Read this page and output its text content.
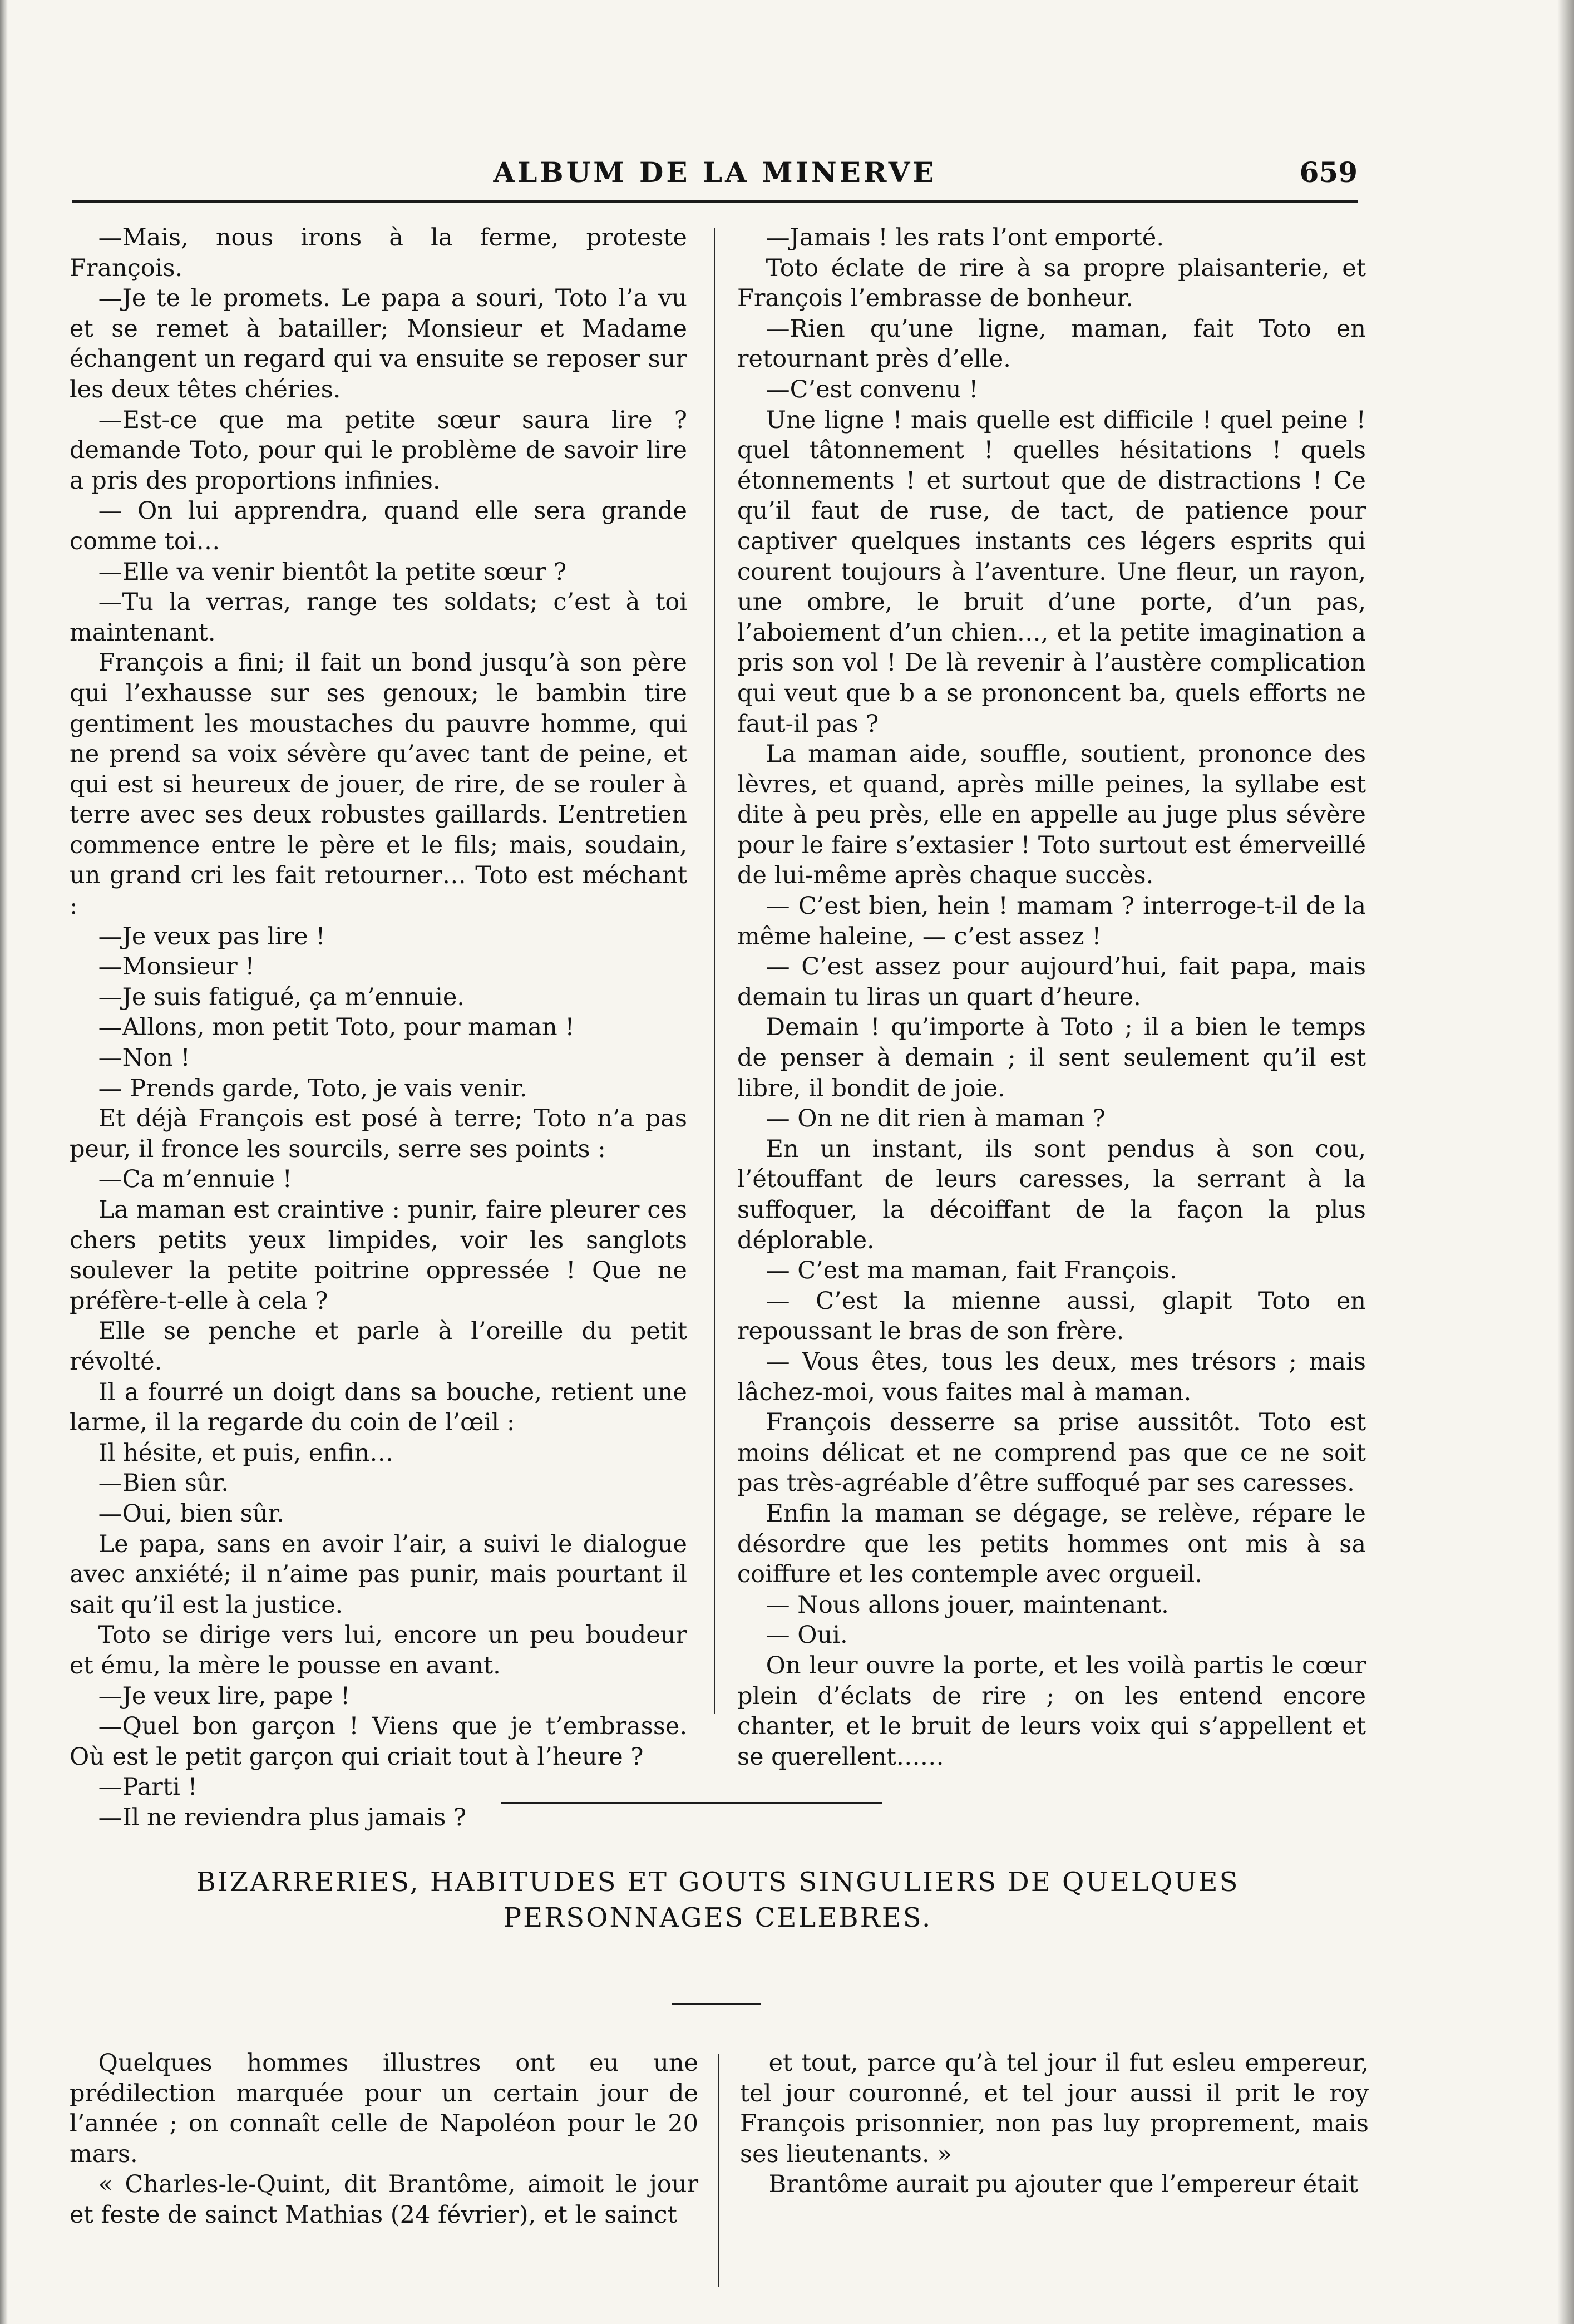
ALBUM DE LA MINERVE	659

—Mais, nous irons à la ferme, proteste François.

—Je te le promets. Le papa a souri, Toto l’a vu et se remet à batailler; Monsieur et Madame échangent un regard qui va ensuite se reposer sur les deux têtes chéries.

—Est-ce que ma petite sœur saura lire ? demande Toto, pour qui le problème de savoir lire a pris des proportions infinies.

— On lui apprendra, quand elle sera grande comme toi…

—Elle va venir bientôt la petite sœur ?

—Tu la verras, range tes soldats; c’est à toi maintenant.

François a fini; il fait un bond jusqu’à son père qui l’exhausse sur ses genoux; le bambin tire gentiment les moustaches du pauvre homme, qui ne prend sa voix sévère qu’avec tant de peine, et qui est si heureux de jouer, de rire, de se rouler à terre avec ses deux robustes gaillards. L’entretien commence entre le père et le fils; mais, soudain, un grand cri les fait retourner… Toto est méchant :

—Je veux pas lire !

—Monsieur !

—Je suis fatigué, ça m’ennuie.

—Allons, mon petit Toto, pour maman !

—Non !

— Prends garde, Toto, je vais venir.

Et déjà François est posé à terre; Toto n’a pas peur, il fronce les sourcils, serre ses points :

—Ca m’ennuie !

La maman est craintive : punir, faire pleurer ces chers petits yeux limpides, voir les sanglots soulever la petite poitrine oppressée ! Que ne préfère-t-elle à cela ?

Elle se penche et parle à l’oreille du petit révolté.

Il a fourré un doigt dans sa bouche, retient une larme, il la regarde du coin de l’œil :

Il hésite, et puis, enfin…

—Bien sûr.

—Oui, bien sûr.

Le papa, sans en avoir l’air, a suivi le dialogue avec anxiété; il n’aime pas punir, mais pourtant il sait qu’il est la justice.

Toto se dirige vers lui, encore un peu boudeur et ému, la mère le pousse en avant.

—Je veux lire, pape !

—Quel bon garçon ! Viens que je t’embrasse. Où est le petit garçon qui criait tout à l’heure ?

—Parti !

—Il ne reviendra plus jamais ?

—Jamais ! les rats l’ont emporté.

Toto éclate de rire à sa propre plaisanterie, et François l’embrasse de bonheur.

—Rien qu’une ligne, maman, fait Toto en retournant près d’elle.

—C’est convenu !

Une ligne ! mais quelle est difficile ! quel peine ! quel tâtonnement ! quelles hésitations ! quels étonnements ! et surtout que de distractions ! Ce qu’il faut de ruse, de tact, de patience pour captiver quelques instants ces légers esprits qui courent toujours à l’aventure. Une fleur, un rayon, une ombre, le bruit d’une porte, d’un pas, l’aboiement d’un chien…, et la petite imagination a pris son vol ! De là revenir à l’austère complication qui veut que b a se prononcent ba, quels efforts ne faut-il pas ?

La maman aide, souffle, soutient, prononce des lèvres, et quand, après mille peines, la syllabe est dite à peu près, elle en appelle au juge plus sévère pour le faire s’extasier ! Toto surtout est émerveillé de lui-même après chaque succès.

— C’est bien, hein ! mamam ? interroge-t-il de la même haleine, — c’est assez !

— C’est assez pour aujourd’hui, fait papa, mais demain tu liras un quart d’heure.

Demain ! qu’importe à Toto ; il a bien le temps de penser à demain ; il sent seulement qu’il est libre, il bondit de joie.

— On ne dit rien à maman ?

En un instant, ils sont pendus à son cou, l’étouffant de leurs caresses, la serrant à la suffoquer, la décoiffant de la façon la plus déplorable.

— C’est ma maman, fait François.

— C’est la mienne aussi, glapit Toto en repoussant le bras de son frère.

— Vous êtes, tous les deux, mes trésors ; mais lâchez-moi, vous faites mal à maman.

François desserre sa prise aussitôt. Toto est moins délicat et ne comprend pas que ce ne soit pas très-agréable d’être suffoqué par ses caresses.

Enfin la maman se dégage, se relève, répare le désordre que les petits hommes ont mis à sa coiffure et les contemple avec orgueil.

— Nous allons jouer, maintenant.

— Oui.

On leur ouvre la porte, et les voilà partis le cœur plein d’éclats de rire ; on les entend encore chanter, et le bruit de leurs voix qui s’appellent et se querellent……

BIZARRERIES, HABITUDES ET GOUTS SINGULIERS DE QUELQUES
PERSONNAGES CELEBRES.

Quelques hommes illustres ont eu une prédilection marquée pour un certain jour de l’année ; on connaît celle de Napoléon pour le 20 mars.

« Charles-le-Quint, dit Brantôme, aimoit le jour et feste de sainct Mathias (24 février), et le sainct

et tout, parce qu’à tel jour il fut esleu empereur, tel jour couronné, et tel jour aussi il prit le roy François prisonnier, non pas luy proprement, mais ses lieutenants. »

Brantôme aurait pu ajouter que l’empereur était
